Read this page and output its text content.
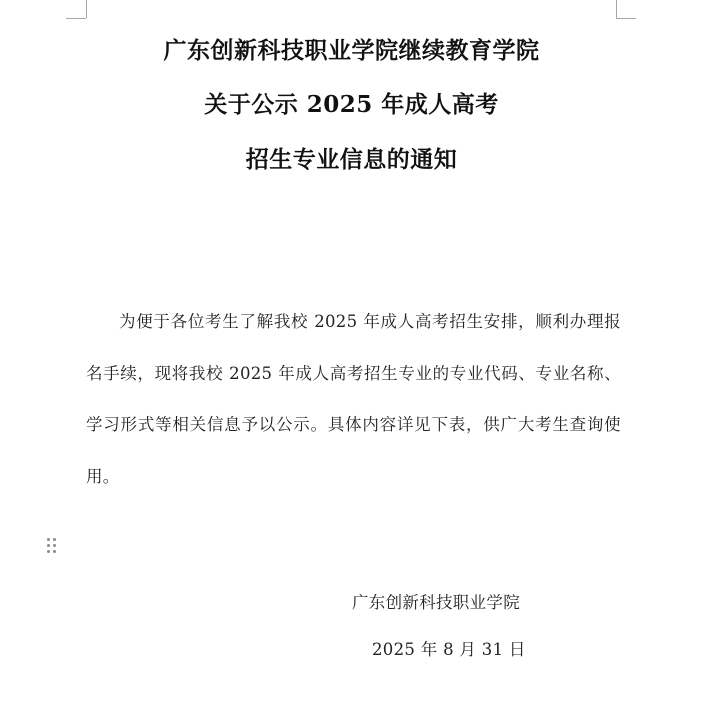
广东创新科技职业学院继续教育学院
关于公示 2025 年成人高考
招生专业信息的通知

为便于各位考生了解我校 2025 年成人高考招生安排，顺利办理报名手续，现将我校 2025 年成人高考招生专业的专业代码、专业名称、学习形式等相关信息予以公示。具体内容详见下表，供广大考生查询使用。

广东创新科技职业学院
2025 年 8 月 31 日
